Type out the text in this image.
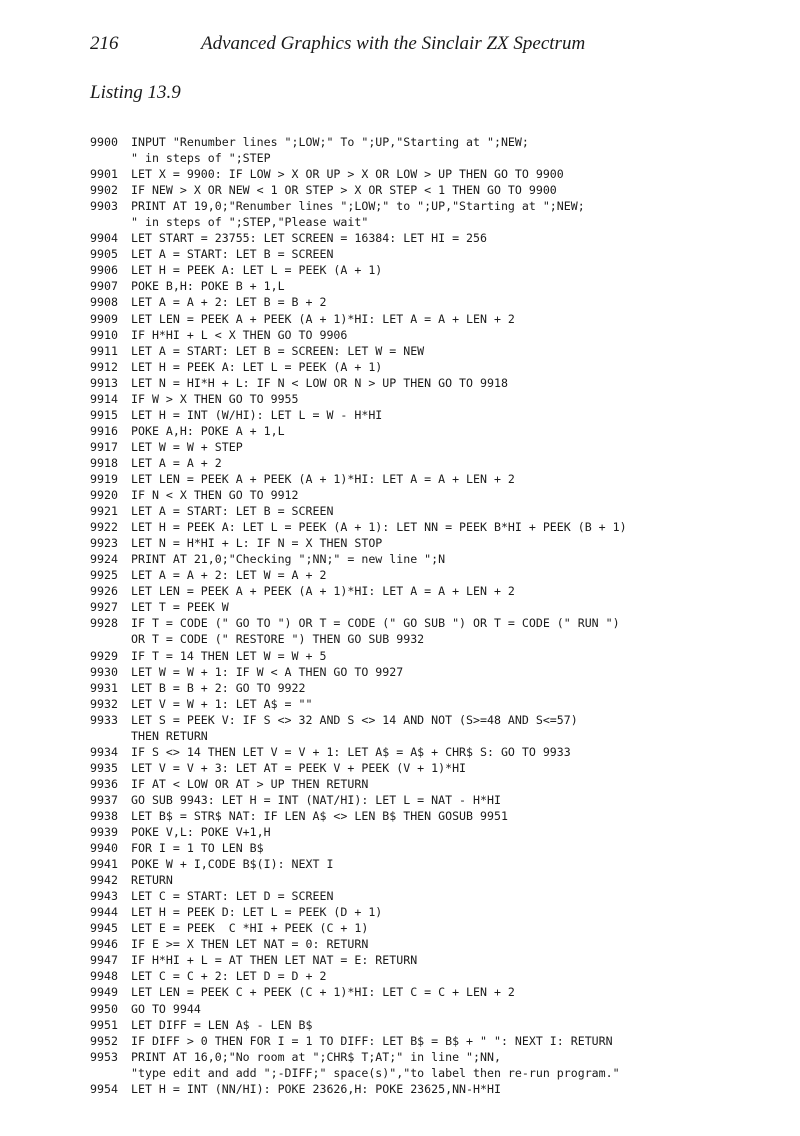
216	Advanced Graphics with the Sinclair ZX Spectrum
Listing 13.9
9900	INPUT "Renumber lines ";LOW;" To ";UP,"Starting at ";NEW;
" in steps of ";STEP
9901	LET X = 9900: IF LOW > X OR UP > X OR LOW > UP THEN GO TO 9900
9902	IF NEW > X OR NEW < 1 OR STEP > X OR STEP < 1 THEN GO TO 9900
9903	PRINT AT 19,0;"Renumber lines ";LOW;" to ";UP,"Starting at ";NEW;
" in steps of ";STEP,"Please wait"
9904	LET START = 23755: LET SCREEN = 16384: LET HI = 256
9905	LET A = START: LET B = SCREEN
9906	LET H = PEEK A: LET L = PEEK (A + 1)
9907	POKE B,H: POKE B + 1,L
9908	LET A = A + 2: LET B = B + 2
9909	LET LEN = PEEK A + PEEK (A + 1)*HI: LET A = A + LEN + 2
9910	IF H*HI + L < X THEN GO TO 9906
9911	LET A = START: LET B = SCREEN: LET W = NEW
9912	LET H = PEEK A: LET L = PEEK (A + 1)
9913	LET N = HI*H + L: IF N < LOW OR N > UP THEN GO TO 9918
9914	IF W > X THEN GO TO 9955
9915	LET H = INT (W/HI): LET L = W - H*HI
9916	POKE A,H: POKE A + 1,L
9917	LET W = W + STEP
9918	LET A = A + 2
9919	LET LEN = PEEK A + PEEK (A + 1)*HI: LET A = A + LEN + 2
9920	IF N < X THEN GO TO 9912
9921	LET A = START: LET B = SCREEN
9922	LET H = PEEK A: LET L = PEEK (A + 1): LET NN = PEEK B*HI + PEEK (B + 1)
9923	LET N = H*HI + L: IF N = X THEN STOP
9924	PRINT AT 21,0;"Checking ";NN;" = new line ";N
9925	LET A = A + 2: LET W = A + 2
9926	LET LEN = PEEK A + PEEK (A + 1)*HI: LET A = A + LEN + 2
9927	LET T = PEEK W
9928	IF T = CODE (" GO TO ") OR T = CODE (" GO SUB ") OR T = CODE (" RUN ")
OR T = CODE (" RESTORE ") THEN GO SUB 9932
9929	IF T = 14 THEN LET W = W + 5
9930	LET W = W + 1: IF W < A THEN GO TO 9927
9931	LET B = B + 2: GO TO 9922
9932	LET V = W + 1: LET A$ = ""
9933	LET S = PEEK V: IF S <> 32 AND S <> 14 AND NOT (S>=48 AND S<=57)
THEN RETURN
9934	IF S <> 14 THEN LET V = V + 1: LET A$ = A$ + CHR$ S: GO TO 9933
9935	LET V = V + 3: LET AT = PEEK V + PEEK (V + 1)*HI
9936	IF AT < LOW OR AT > UP THEN RETURN
9937	GO SUB 9943: LET H = INT (NAT/HI): LET L = NAT - H*HI
9938	LET B$ = STR$ NAT: IF LEN A$ <> LEN B$ THEN GOSUB 9951
9939	POKE V,L: POKE V+1,H
9940	FOR I = 1 TO LEN B$
9941	POKE W + I,CODE B$(I): NEXT I
9942	RETURN
9943	LET C = START: LET D = SCREEN
9944	LET H = PEEK D: LET L = PEEK (D + 1)
9945	LET E = PEEK  C *HI + PEEK (C + 1)
9946	IF E >= X THEN LET NAT = 0: RETURN
9947	IF H*HI + L = AT THEN LET NAT = E: RETURN
9948	LET C = C + 2: LET D = D + 2
9949	LET LEN = PEEK C + PEEK (C + 1)*HI: LET C = C + LEN + 2
9950	GO TO 9944
9951	LET DIFF = LEN A$ - LEN B$
9952	IF DIFF > 0 THEN FOR I = 1 TO DIFF: LET B$ = B$ + " ": NEXT I: RETURN
9953	PRINT AT 16,0;"No room at ";CHR$ T;AT;" in line ";NN,
"type edit and add ";-DIFF;" space(s)","to label then re-run program."
9954	LET H = INT (NN/HI): POKE 23626,H: POKE 23625,NN-H*HI
